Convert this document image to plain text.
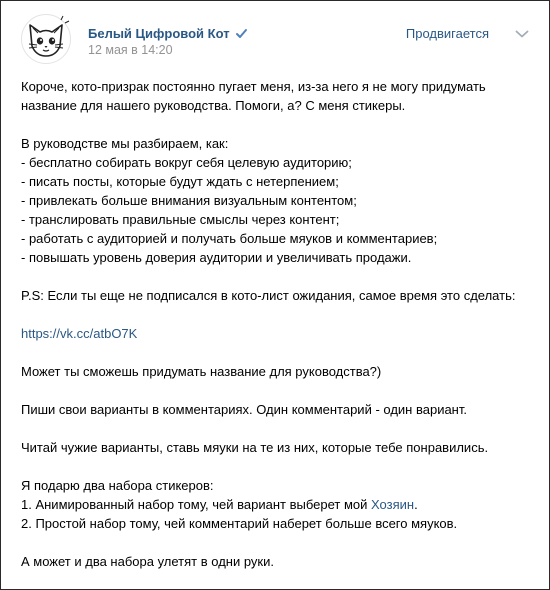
Белый Цифровой Кот
12 мая в 14:20
Продвигается

Короче, кото-призрак постоянно пугает меня, из-за него я не могу придумать

название для нашего руководства. Помоги, а? С меня стикеры.

В руководстве мы разбираем, как:

- бесплатно собирать вокруг себя целевую аудиторию;

- писать посты, которые будут ждать с нетерпением;

- привлекать больше внимания визуальным контентом;

- транслировать правильные смыслы через контент;

- работать с аудиторией и получать больше мяуков и комментариев;

- повышать уровень доверия аудитории и увеличивать продажи.

P.S: Если ты еще не подписался в кото-лист ожидания, самое время это сделать:

https://vk.cc/atbO7K

Может ты сможешь придумать название для руководства?)

Пиши свои варианты в комментариях. Один комментарий - один вариант.

Читай чужие варианты, ставь мяуки на те из них, которые тебе понравились.

Я подарю два набора стикеров:

1. Анимированный набор тому, чей вариант выберет мой Хозяин.

2. Простой набор тому, чей комментарий наберет больше всего мяуков.

А может и два набора улетят в одни руки.
